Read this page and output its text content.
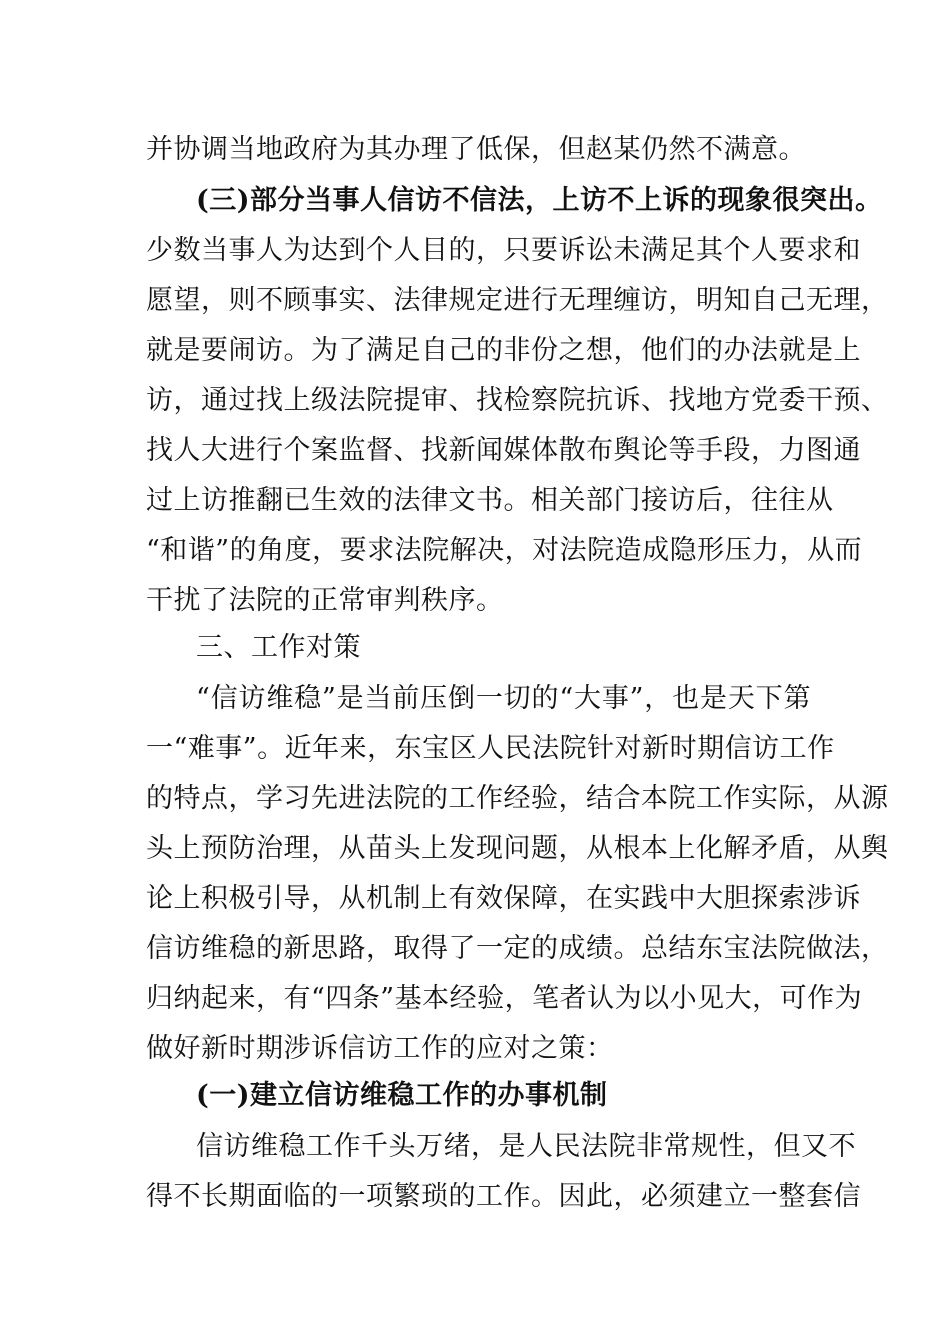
并协调当地政府为其办理了低保，但赵某仍然不满意。
(三)部分当事人信访不信法，上访不上诉的现象很突出。
少数当事人为达到个人目的，只要诉讼未满足其个人要求和
愿望，则不顾事实、法律规定进行无理缠访，明知自己无理，
就是要闹访。为了满足自己的非份之想，他们的办法就是上
访，通过找上级法院提审、找检察院抗诉、找地方党委干预、
找人大进行个案监督、找新闻媒体散布舆论等手段，力图通
过上访推翻已生效的法律文书。相关部门接访后，往往从
“和谐”的角度，要求法院解决，对法院造成隐形压力，从而
干扰了法院的正常审判秩序。
三、工作对策
“信访维稳”是当前压倒一切的“大事”，也是天下第
一“难事”。近年来，东宝区人民法院针对新时期信访工作
的特点，学习先进法院的工作经验，结合本院工作实际，从源
头上预防治理，从苗头上发现问题，从根本上化解矛盾，从舆
论上积极引导，从机制上有效保障，在实践中大胆探索涉诉
信访维稳的新思路，取得了一定的成绩。总结东宝法院做法，
归纳起来，有“四条”基本经验，笔者认为以小见大，可作为
做好新时期涉诉信访工作的应对之策：
(一)建立信访维稳工作的办事机制
信访维稳工作千头万绪，是人民法院非常规性，但又不
得不长期面临的一项繁琐的工作。因此，必须建立一整套信
